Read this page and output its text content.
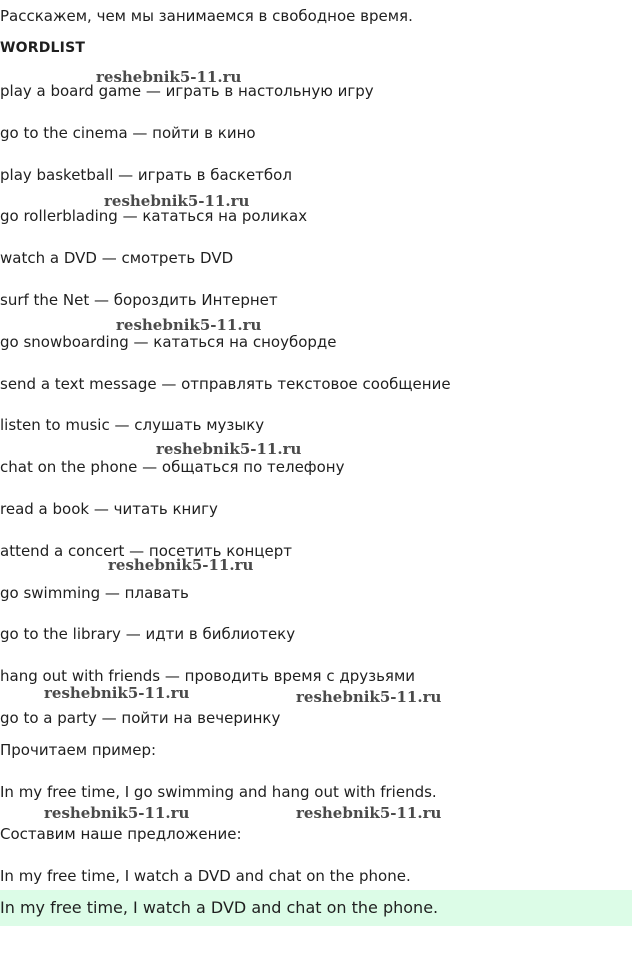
Расскажем, чем мы занимаемся в свободное время.
WORDLIST
play a board game — играть в настольную игру
go to the cinema — пойти в кино
play basketball — играть в баскетбол
go rollerblading — кататься на роликах
watch a DVD — смотреть DVD
surf the Net — бороздить Интернет
go snowboarding — кататься на сноуборде
send a text message — отправлять текстовое сообщение
listen to music — слушать музыку
chat on the phone — общаться по телефону
read a book — читать книгу
attend a concert — посетить концерт
go swimming — плавать
go to the library — идти в библиотеку
hang out with friends — проводить время с друзьями
go to a party — пойти на вечеринку
Прочитаем пример:
In my free time, I go swimming and hang out with friends.
Составим наше предложение:
In my free time, I watch a DVD and chat on the phone.
In my free time, I watch a DVD and chat on the phone.
reshebnik5-11.ru
reshebnik5-11.ru
reshebnik5-11.ru
reshebnik5-11.ru
reshebnik5-11.ru
reshebnik5-11.ru	reshebnik5-11.ru
reshebnik5-11.ru	reshebnik5-11.ru
